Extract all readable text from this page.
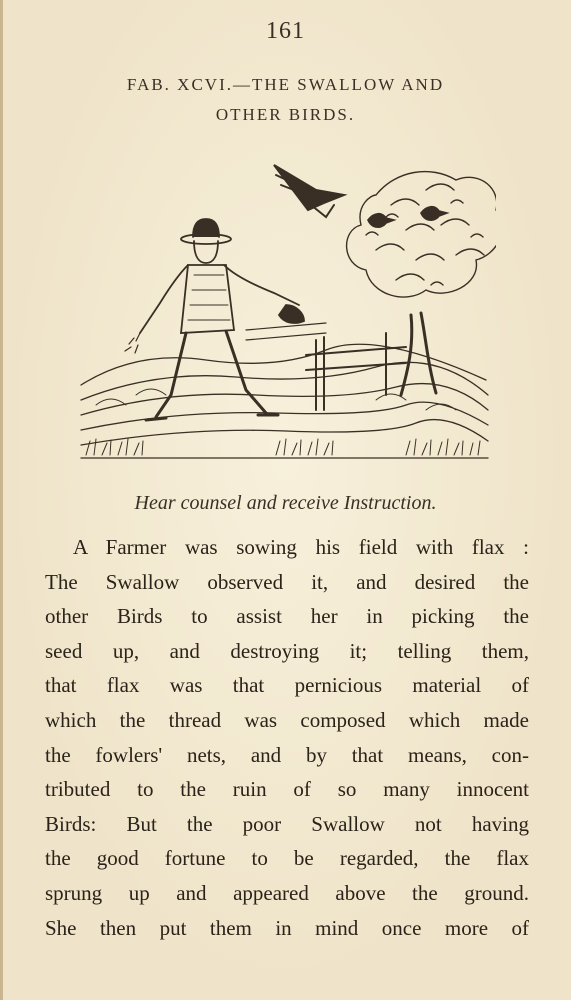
161
FAB. XCVI.—THE SWALLOW AND
OTHER BIRDS.
Hear counsel and receive Instruction.
A Farmer was sowing his field with flax :
The Swallow observed it, and desired the
other Birds to assist her in picking the
seed up, and destroying it; telling them,
that flax was that pernicious material of
which the thread was composed which made
the fowlers' nets, and by that means, con-
tributed to the ruin of so many innocent
Birds: But the poor Swallow not having
the good fortune to be regarded, the flax
sprung up and appeared above the ground.
She then put them in mind once more of
